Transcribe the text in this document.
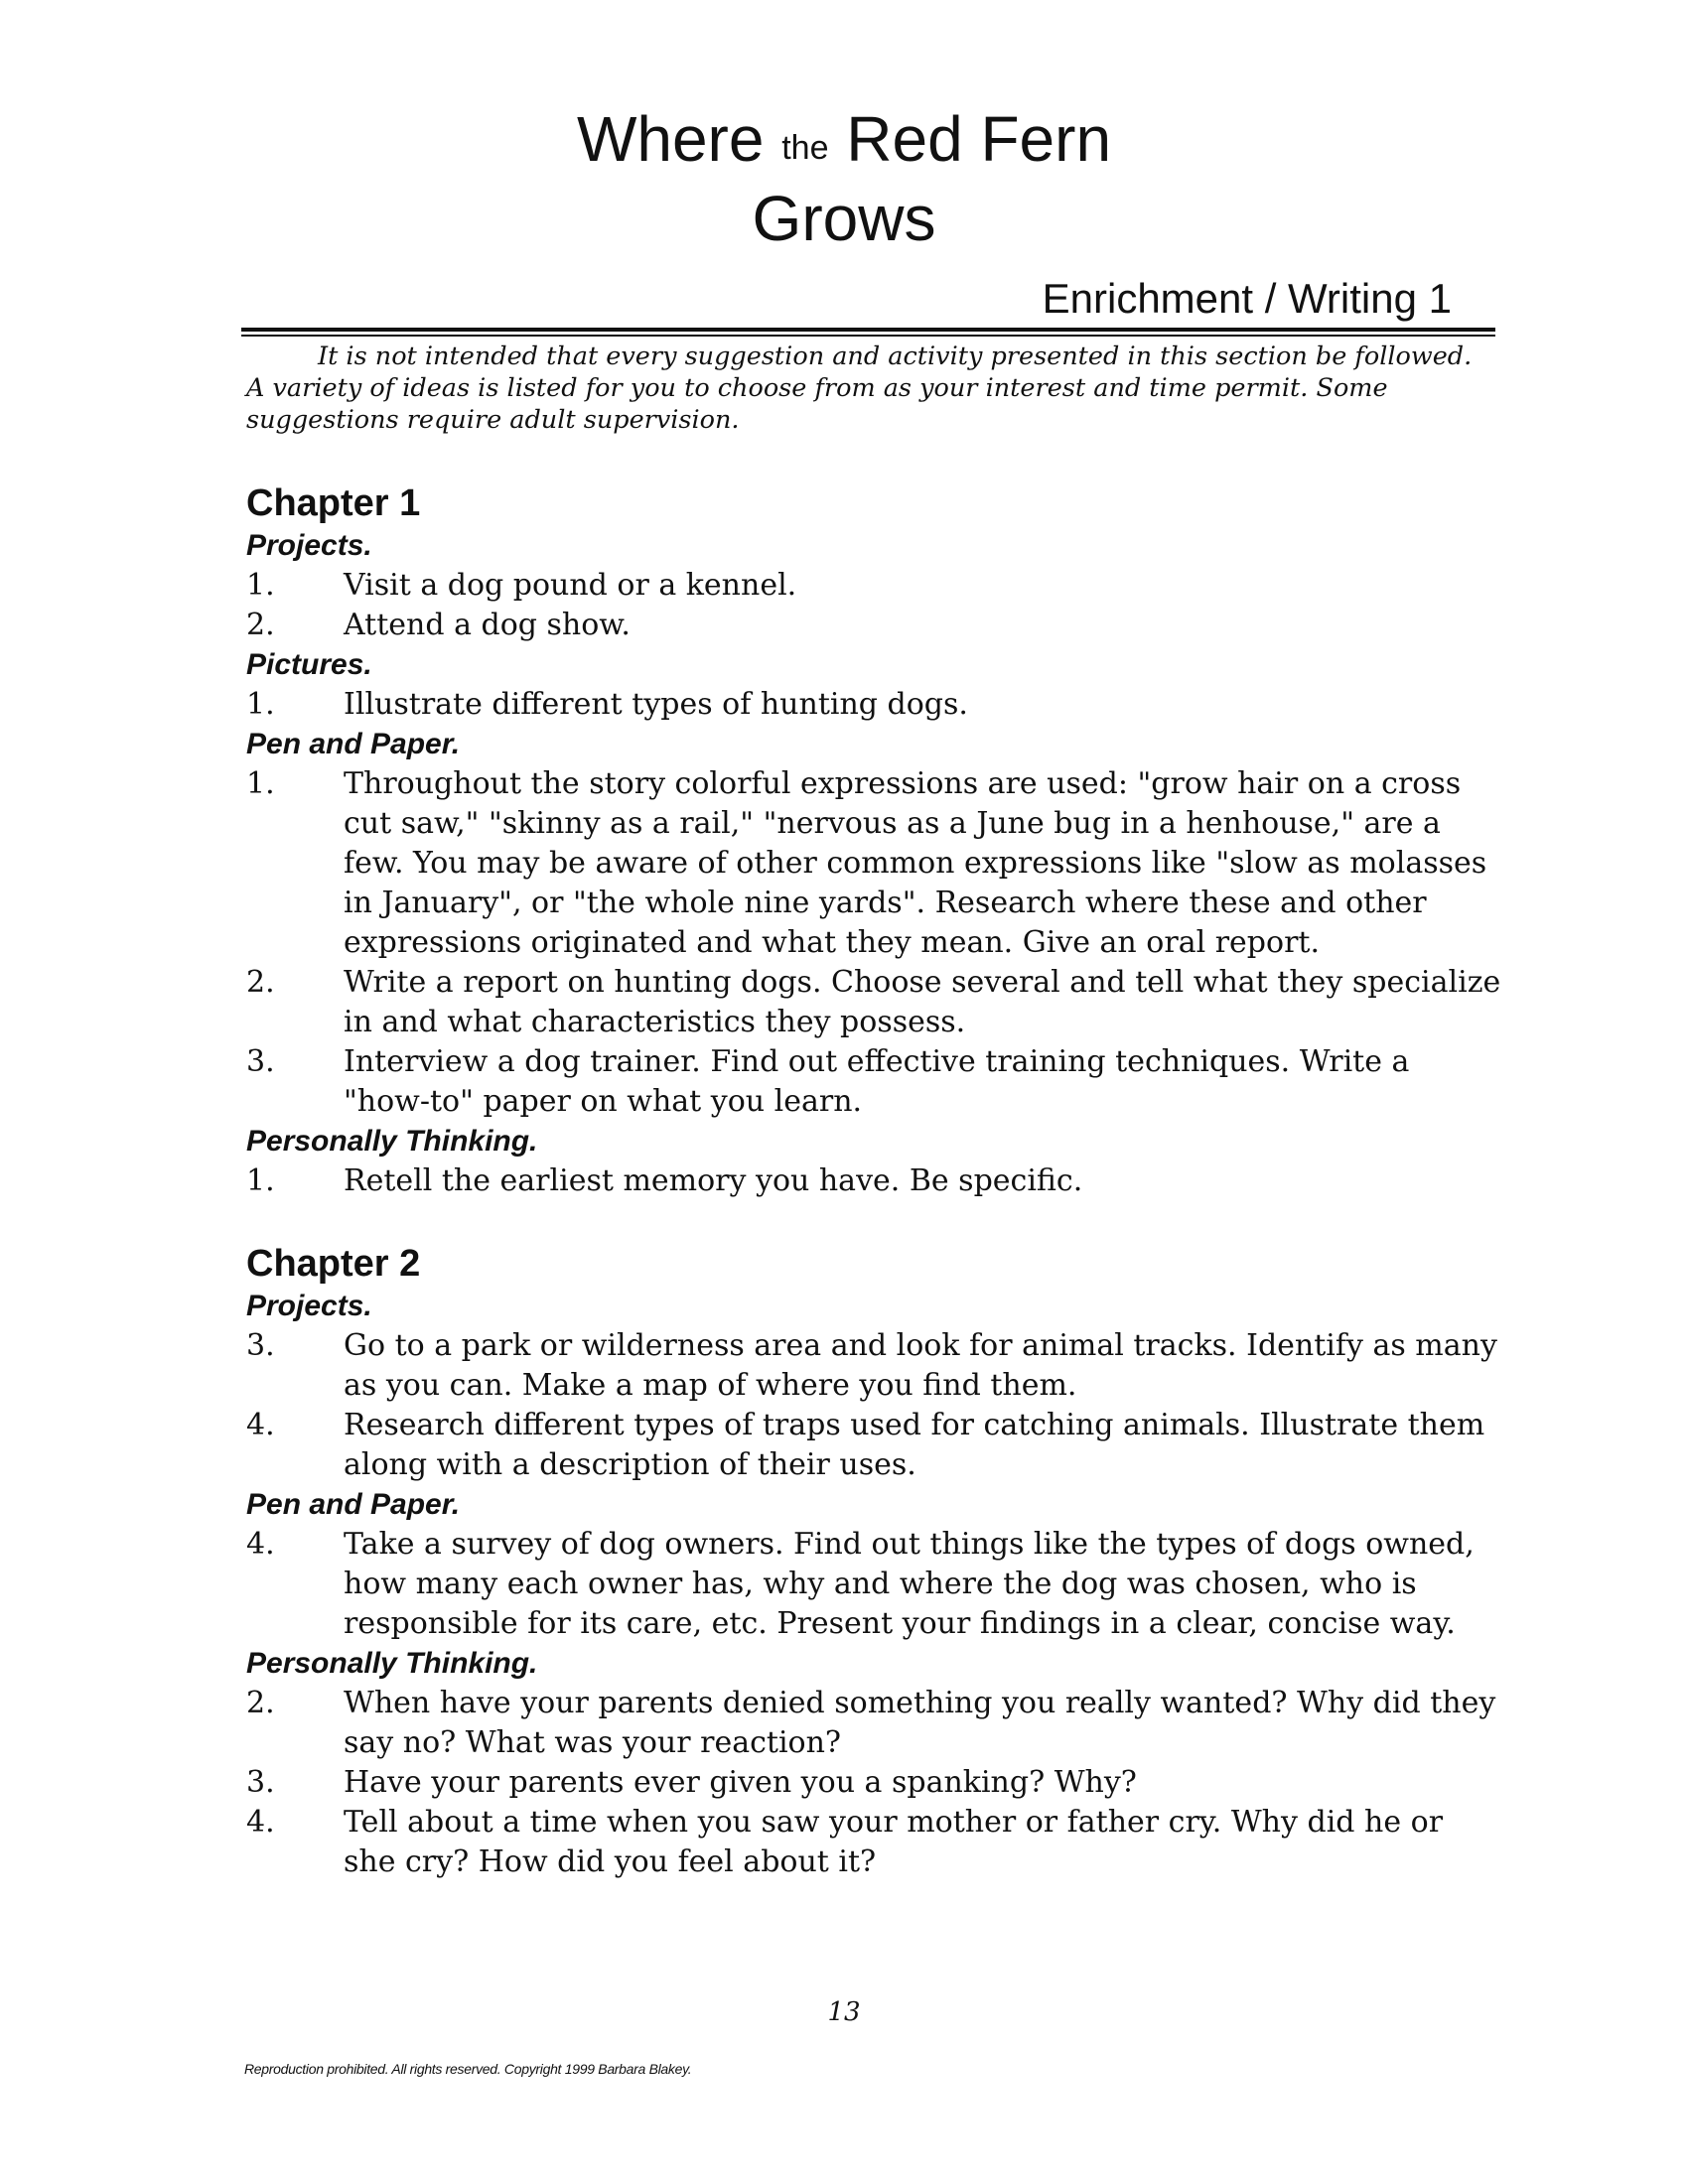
Where the Red Fern
Grows
Enrichment / Writing 1
It is not intended that every suggestion and activity presented in this section be followed. A variety of ideas is listed for you to choose from as your interest and time permit. Some suggestions require adult supervision.
Chapter 1
Projects.
1.	Visit a dog pound or a kennel.
2.	Attend a dog show.
Pictures.
1.	Illustrate different types of hunting dogs.
Pen and Paper.
1.	Throughout the story colorful expressions are used: "grow hair on a cross cut saw," "skinny as a rail," "nervous as a June bug in a henhouse," are a few. You may be aware of other common expressions like "slow as molasses in January", or "the whole nine yards". Research where these and other expressions originated and what they mean. Give an oral report.
2.	Write a report on hunting dogs. Choose several and tell what they specialize in and what characteristics they possess.
3.	Interview a dog trainer. Find out effective training techniques. Write a "how-to" paper on what you learn.
Personally Thinking.
1.	Retell the earliest memory you have. Be specific.
Chapter 2
Projects.
3.	Go to a park or wilderness area and look for animal tracks. Identify as many as you can. Make a map of where you find them.
4.	Research different types of traps used for catching animals. Illustrate them along with a description of their uses.
Pen and Paper.
4.	Take a survey of dog owners. Find out things like the types of dogs owned, how many each owner has, why and where the dog was chosen, who is responsible for its care, etc. Present your findings in a clear, concise way.
Personally Thinking.
2.	When have your parents denied something you really wanted? Why did they say no? What was your reaction?
3.	Have your parents ever given you a spanking? Why?
4.	Tell about a time when you saw your mother or father cry. Why did he or she cry? How did you feel about it?
13
Reproduction prohibited. All rights reserved. Copyright 1999 Barbara Blakey.
